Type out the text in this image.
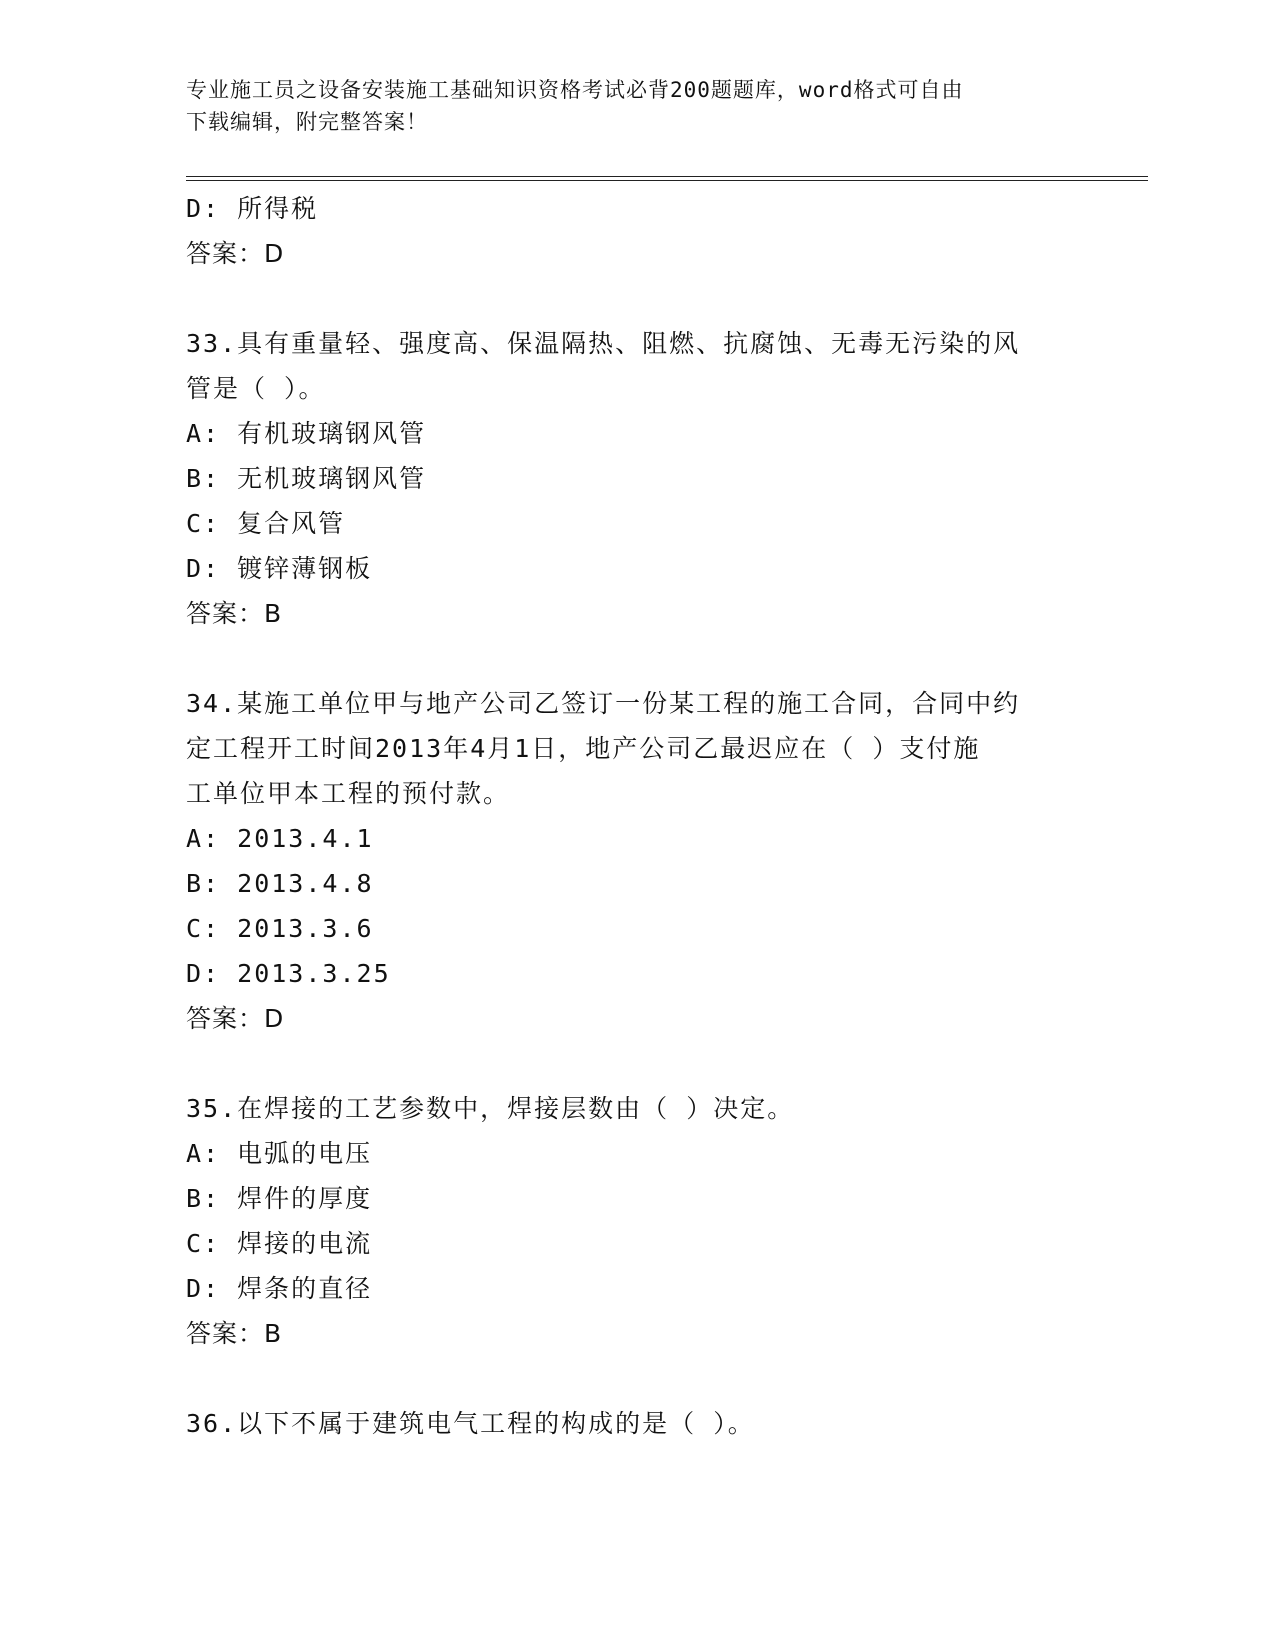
专业施工员之设备安装施工基础知识资格考试必背200题题库，word格式可自由
下载编辑，附完整答案！
D: 所得税
答案：D
33.具有重量轻、强度高、保温隔热、阻燃、抗腐蚀、无毒无污染的风
管是（ ）。
A: 有机玻璃钢风管
B: 无机玻璃钢风管
C: 复合风管
D: 镀锌薄钢板
答案：B
34.某施工单位甲与地产公司乙签订一份某工程的施工合同，合同中约
定工程开工时间2013年4月1日，地产公司乙最迟应在（ ）支付施
工单位甲本工程的预付款。
A: 2013.4.1
B: 2013.4.8
C: 2013.3.6
D: 2013.3.25
答案：D
35.在焊接的工艺参数中，焊接层数由（ ）决定。
A: 电弧的电压
B: 焊件的厚度
C: 焊接的电流
D: 焊条的直径
答案：B
36.以下不属于建筑电气工程的构成的是（ ）。
